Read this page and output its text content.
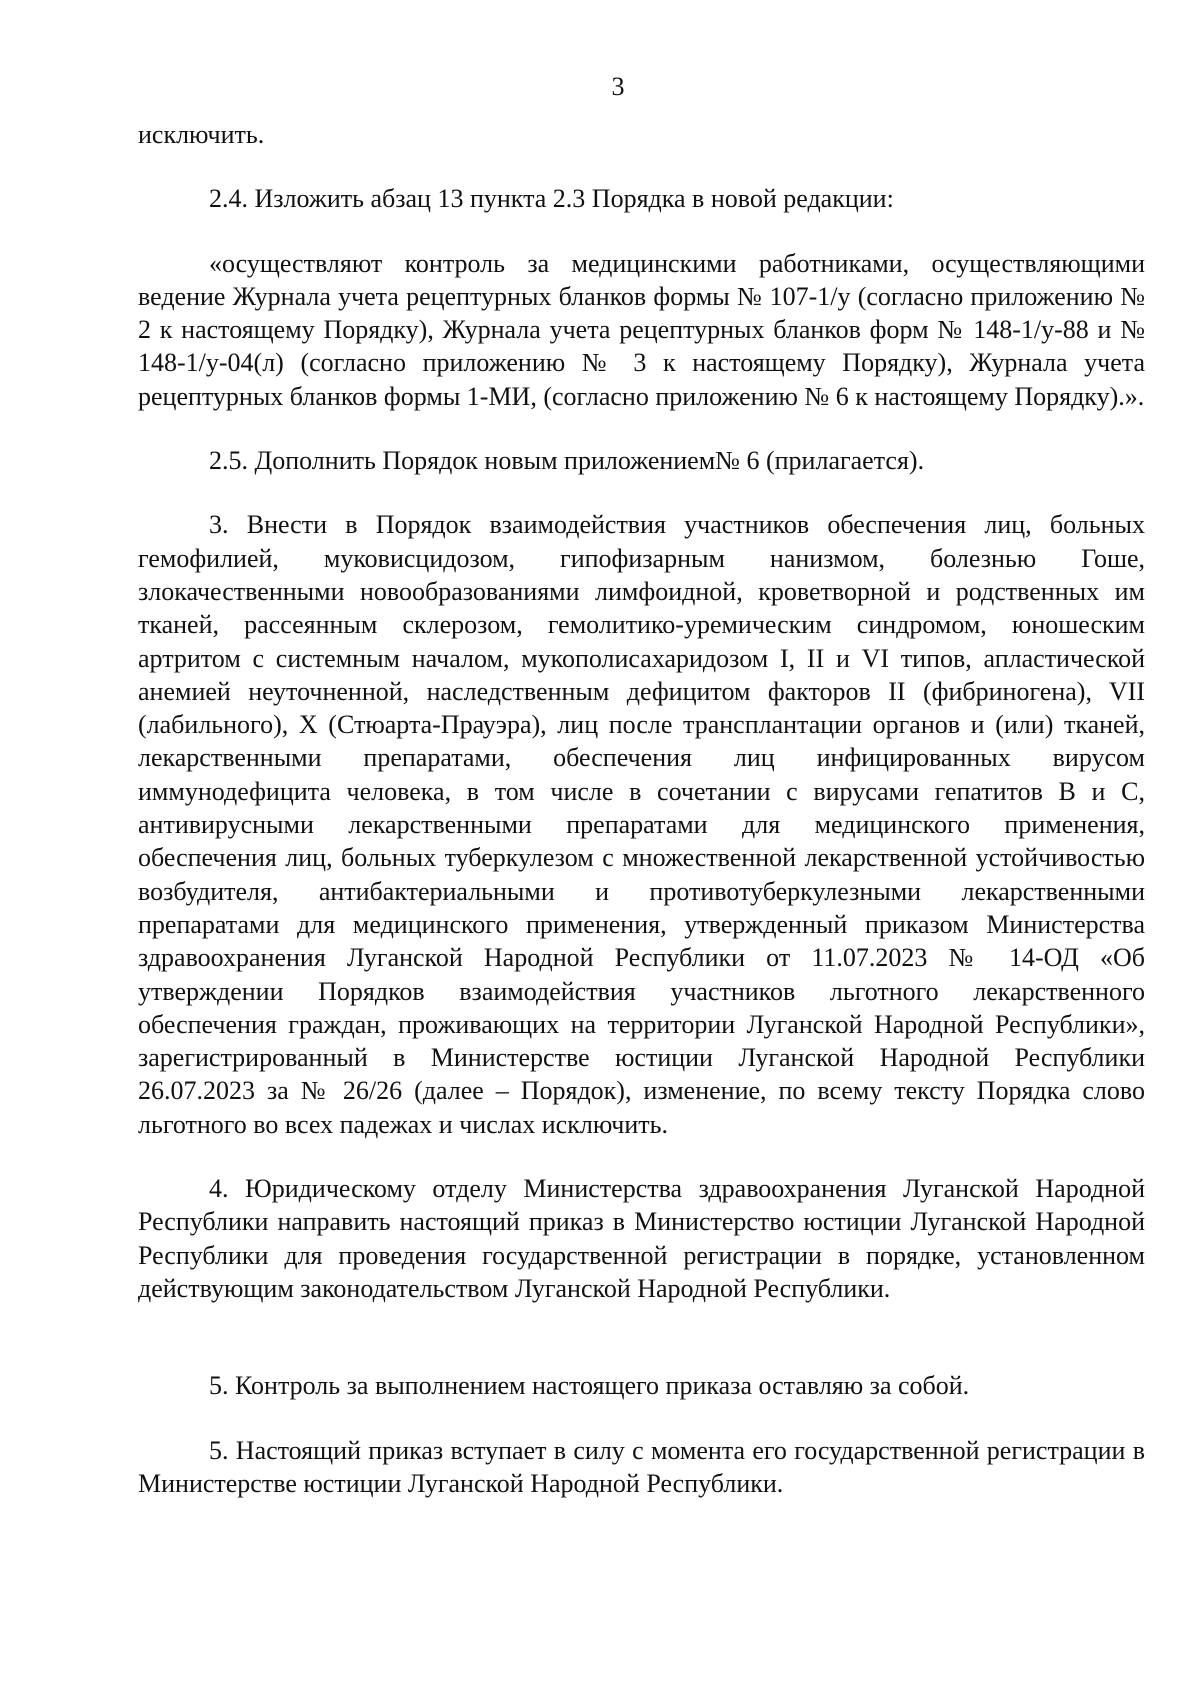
3

исключить.

2.4. Изложить абзац 13 пункта 2.3 Порядка в новой редакции:

«осуществляют контроль за медицинскими работниками, осуществляющими ведение Журнала учета рецептурных бланков формы № 107-1/у (согласно приложению № 2 к настоящему Порядку), Журнала учета рецептурных бланков форм № 148-1/у-88 и № 148-1/у-04(л) (согласно приложению № 3 к настоящему Порядку), Журнала учета рецептурных бланков формы 1-МИ, (согласно приложению № 6 к настоящему Порядку).».

2.5. Дополнить Порядок новым приложением№ 6 (прилагается).

3. Внести в Порядок взаимодействия участников обеспечения лиц, больных гемофилией, муковисцидозом, гипофизарным нанизмом, болезнью Гоше, злокачественными новообразованиями лимфоидной, кроветворной и родственных им тканей, рассеянным склерозом, гемолитико-уремическим синдромом, юношеским артритом с системным началом, мукополисахаридозом I, II и VI типов, апластической анемией неуточненной, наследственным дефицитом факторов II (фибриногена), VII (лабильного), X (Стюарта-Прауэра), лиц после трансплантации органов и (или) тканей, лекарственными препаратами, обеспечения лиц инфицированных вирусом иммунодефицита человека, в том числе в сочетании с вирусами гепатитов B и C, антивирусными лекарственными препаратами для медицинского применения, обеспечения лиц, больных туберкулезом с множественной лекарственной устойчивостью возбудителя, антибактериальными и противотуберкулезными лекарственными препаратами для медицинского применения, утвержденный приказом Министерства здравоохранения Луганской Народной Республики от 11.07.2023 № 14-ОД «Об утверждении Порядков взаимодействия участников льготного лекарственного обеспечения граждан, проживающих на территории Луганской Народной Республики», зарегистрированный в Министерстве юстиции Луганской Народной Республики 26.07.2023 за № 26/26 (далее – Порядок), изменение, по всему тексту Порядка слово льготного во всех падежах и числах исключить.

4. Юридическому отделу Министерства здравоохранения Луганской Народной Республики направить настоящий приказ в Министерство юстиции Луганской Народной Республики для проведения государственной регистрации в порядке, установленном действующим законодательством Луганской Народной Республики.

5. Контроль за выполнением настоящего приказа оставляю за собой.

5. Настоящий приказ вступает в силу с момента его государственной регистрации в Министерстве юстиции Луганской Народной Республики.
